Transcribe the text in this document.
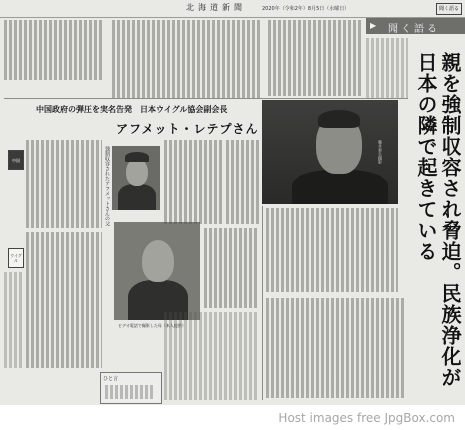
北海道新聞	2020年（令和2年）8月5日（水曜日）	聞く語る
▶ 聞く語る
中国政府の弾圧を実名告発　日本ウイグル協会副会長
アフメット・レテプさん
藤井泰生撮影	親を強制収容され脅迫。民族浄化が日本の隣で起きている
中国
ウイグル
強制収容されたアフメットさんの父
ビデオ電話で撮影した母（本人提供）
ひと言
Host images free JpgBox.com
